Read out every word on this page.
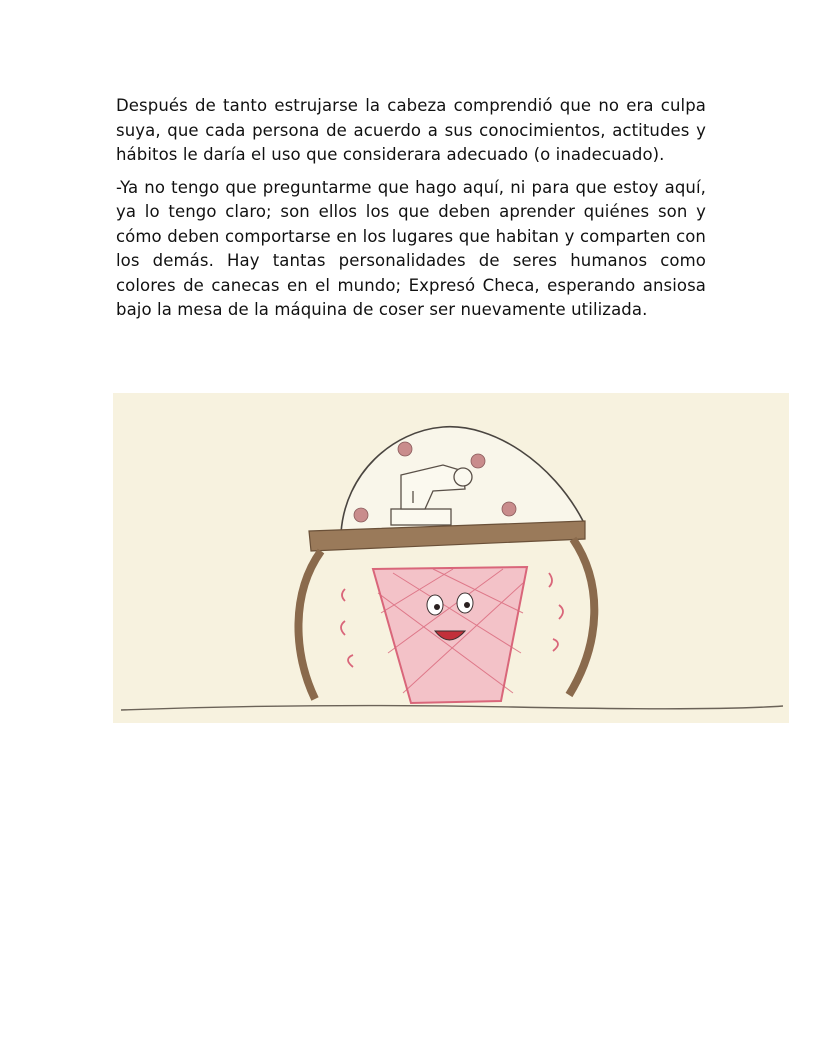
Después de tanto estrujarse la cabeza comprendió que no era culpa suya, que cada persona de acuerdo a sus conocimientos, actitudes y hábitos le daría el uso que considerara adecuado (o inadecuado).

-Ya no tengo que preguntarme que hago aquí, ni para que estoy aquí, ya lo tengo claro; son ellos los que deben aprender quiénes son y cómo deben comportarse en los lugares que habitan y comparten con los demás. Hay tantas personalidades de seres humanos como colores de canecas en el mundo; Expresó Checa, esperando ansiosa bajo la mesa de la máquina de coser ser nuevamente utilizada.
